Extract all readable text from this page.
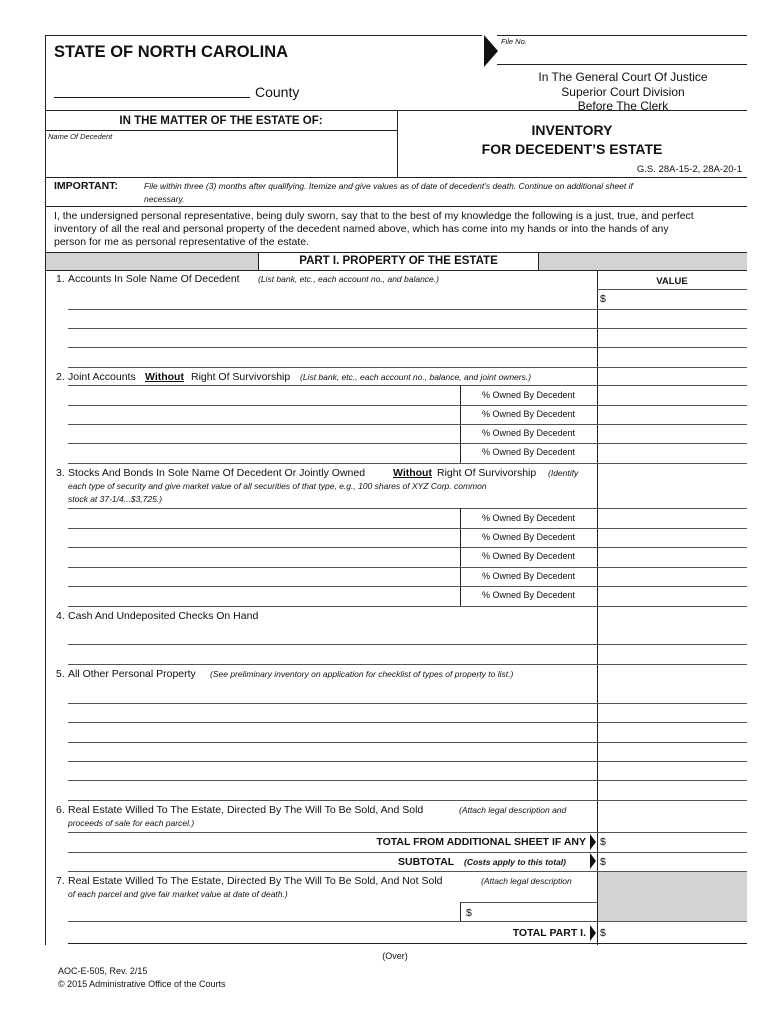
File No.
STATE OF NORTH CAROLINA
County
In The General Court Of Justice
Superior Court Division
Before The Clerk
IN THE MATTER OF THE ESTATE OF:
Name Of Decedent	INVENTORY
FOR DECEDENT’S ESTATE
G.S. 28A-15-2, 28A-20-1
IMPORTANT:	File within three (3) months after qualifying. Itemize and give values as of date of decedent’s death. Continue on additional sheet if
necessary.
I, the undersigned personal representative, being duly sworn, say that to the best of my knowledge the following is a just, true, and perfect
inventory of all the real and personal property of the decedent named above, which has come into my hands or into the hands of any
person for me as personal representative of the estate.
PART I. PROPERTY OF THE ESTATE
VALUE
1. Accounts In Sole Name Of Decedent (List bank, etc., each account no., and balance.)
$
2. Joint Accounts Without Right Of Survivorship (List bank, etc., each account no., balance, and joint owners.)
% Owned By Decedent
% Owned By Decedent
% Owned By Decedent
% Owned By Decedent
3. Stocks And Bonds In Sole Name Of Decedent Or Jointly Owned	Without Right Of Survivorship (Identify
each type of security and give market value of all securities of that type, e.g., 100 shares of XYZ Corp. common
stock at 37-1/4...$3,725.)
% Owned By Decedent
% Owned By Decedent
% Owned By Decedent
% Owned By Decedent
% Owned By Decedent
4. Cash And Undeposited Checks On Hand
5. All Other Personal Property (See preliminary inventory on application for checklist of types of property to list.)
6. Real Estate Willed To The Estate, Directed By The Will To Be Sold, And Sold	(Attach legal description and
proceeds of sale for each parcel.)
TOTAL FROM ADDITIONAL SHEET IF ANY $
SUBTOTAL (Costs apply to this total)	$
7. Real Estate Willed To The Estate, Directed By The Will To Be Sold, And Not Sold	(Attach legal description
of each parcel and give fair market value at date of death.)
$
TOTAL PART I. $
(Over)
AOC-E-505, Rev. 2/15
© 2015 Administrative Office of the Courts
